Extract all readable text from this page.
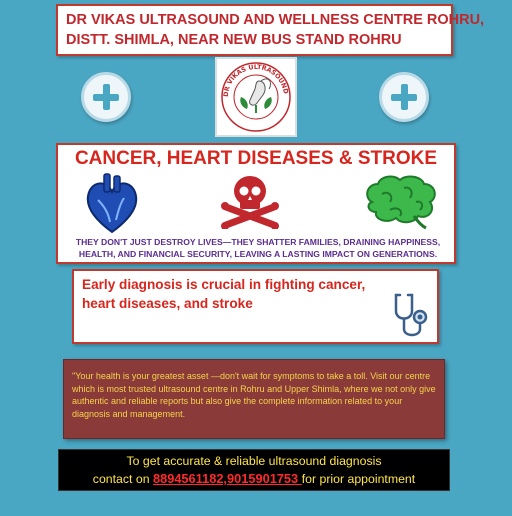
DR VIKAS ULTRASOUND AND WELLNESS CENTRE ROHRU,
DISTT. SHIMLA, NEAR NEW BUS STAND ROHRU
DR VIKAS ULTRASOUND
CANCER, HEART DISEASES & STROKE
THEY DON'T JUST DESTROY LIVES—THEY SHATTER FAMILIES, DRAINING HAPPINESS, HEALTH, AND FINANCIAL SECURITY, LEAVING A LASTING IMPACT ON GENERATIONS.
Early diagnosis is crucial in fighting cancer, heart diseases, and stroke
"Your health is your greatest asset —don't wait for symptoms to take a toll. Visit our centre which is most trusted ultrasound centre in Rohru and Upper Shimla, where we not only give authentic and reliable reports but also give the complete information related to your diagnosis and management.
To get accurate & reliable ultrasound diagnosis
contact on 8894561182,9015901753 for prior appointment
